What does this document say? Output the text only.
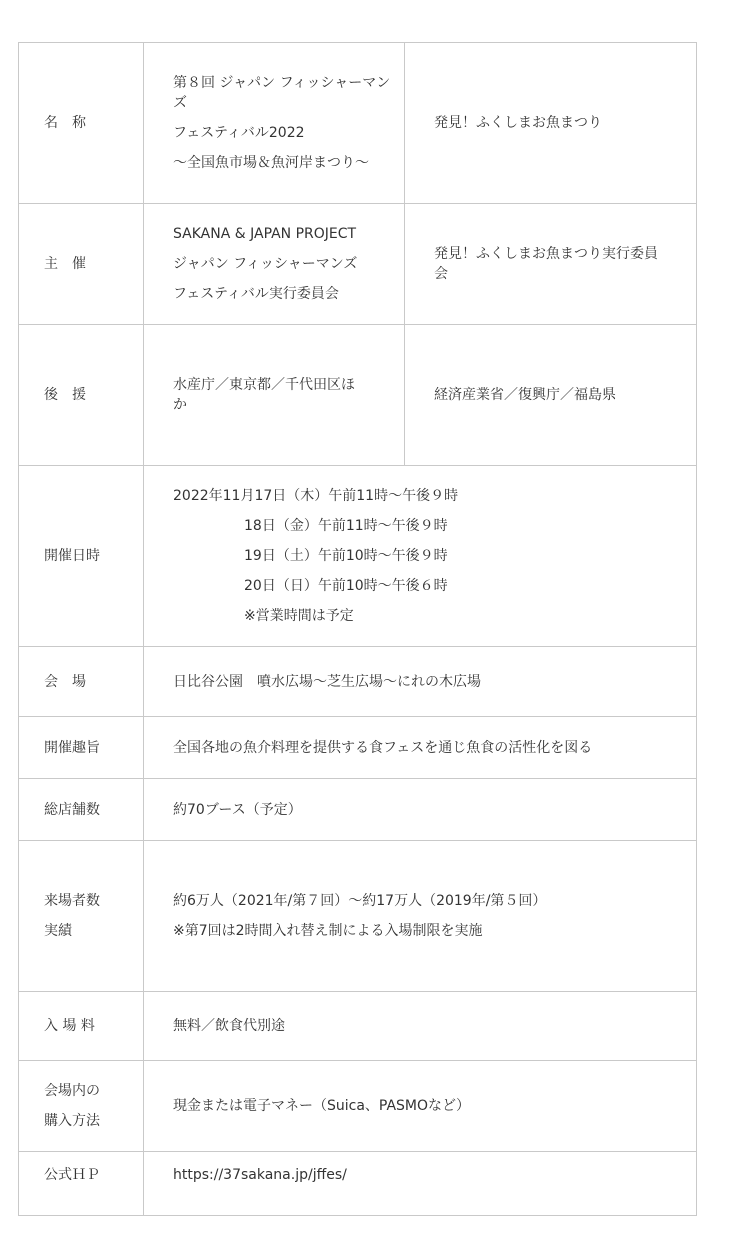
名　称	第８回 ジャパン フィッシャーマンズ
フェスティバル2022
～全国魚市場＆魚河岸まつり～	発見！ふくしまお魚まつり
主　催	SAKANA & JAPAN PROJECT
ジャパン フィッシャーマンズ
フェスティバル実行委員会	発見！ふくしまお魚まつり実行委員会
後　援	水産庁／東京都／千代田区ほか	経済産業省／復興庁／福島県
開催日時	2022年11月17日（木）午前11時～午後９時
18日（金）午前11時～午後９時
19日（土）午前10時～午後９時
20日（日）午前10時～午後６時
※営業時間は予定	

会　場	日比谷公園　噴水広場～芝生広場～にれの木広場	
開催趣旨	全国各地の魚介料理を提供する食フェスを通じ魚食の活性化を図る	
総店舗数	約70ブース（予定）	

来場者数
実績	約6万人（2021年/第７回）～約17万人（2019年/第５回）
※第7回は2時間入れ替え制による入場制限を実施	

入 場 料	無料／飲食代別途	

会場内の
購入方法	現金または電子マネー（Suica、PASMOなど）	
公式ＨＰ	https://37sakana.jp/jffes/	
